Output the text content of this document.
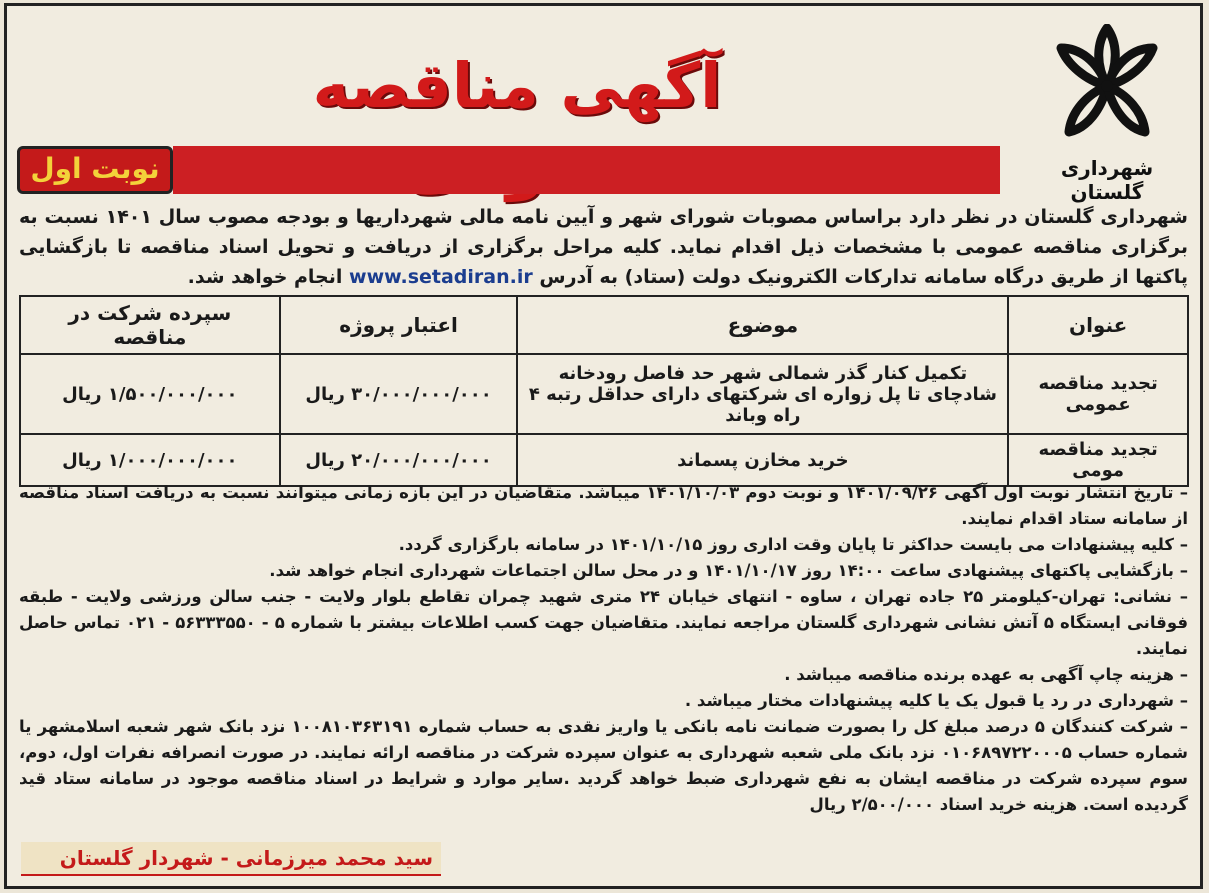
شهرداری گلستان
آگهی مناقصه
نوبت اول
شهرداری گلستان در نظر دارد براساس مصوبات شورای شهر و آیین نامه مالی شهرداریها و بودجه مصوب سال ۱۴۰۱ نسبت به برگزاری مناقصه عمومی با مشخصات ذیل اقدام نماید. کلیه مراحل برگزاری از دریافت و تحویل اسناد مناقصه تا بازگشایی پاکتها از طریق درگاه سامانه تدارکات الکترونیک دولت (ستاد) به آدرس www.setadiran.ir انجام خواهد شد.
عنوان	موضوع	اعتبار پروژه	سپرده شرکت در مناقصه
تجدید مناقصه عمومی	تکمیل کنار گذر شمالی شهر حد فاصل رودخانه شادچای تا پل زواره ای شرکتهای دارای حداقل رتبه ۴ راه وباند	۳۰/۰۰۰/۰۰۰/۰۰۰ ریال	۱/۵۰۰/۰۰۰/۰۰۰ ریال
تجدید مناقصه مومی	خرید مخازن پسماند	۲۰/۰۰۰/۰۰۰/۰۰۰ ریال	۱/۰۰۰/۰۰۰/۰۰۰ ریال

– تاریخ انتشار نوبت اول آگهی ۱۴۰۱/۰۹/۲۶ و نوبت دوم ۱۴۰۱/۱۰/۰۳ میباشد. متقاضیان در این بازه زمانی میتوانند نسبت به دریافت اسناد مناقصه از سامانه ستاد اقدام نمایند.

– کلیه پیشنهادات می بایست حداکثر تا پایان وقت اداری روز ۱۴۰۱/۱۰/۱۵ در سامانه بارگزاری گردد.

– بازگشایی پاکتهای پیشنهادی ساعت ۱۴:۰۰ روز ۱۴۰۱/۱۰/۱۷ و در محل سالن اجتماعات شهرداری انجام خواهد شد.

– نشانی: تهران-کیلومتر ۲۵ جاده تهران ، ساوه - انتهای خیابان ۲۴ متری شهید چمران تقاطع بلوار ولایت - جنب سالن ورزشی ولایت - طبقه فوقانی ایستگاه ۵ آتش نشانی شهرداری گلستان مراجعه نمایند. متقاضیان جهت کسب اطلاعات بیشتر با شماره ۵ - ۵۶۳۳۳۵۵۰ - ۰۲۱ تماس حاصل نمایند.

– هزینه چاپ آگهی به عهده برنده مناقصه میباشد .

– شهرداری در رد یا قبول یک یا کلیه پیشنهادات مختار میباشد .

– شرکت کنندگان ۵ درصد مبلغ کل را بصورت ضمانت نامه بانکی یا واریز نقدی به حساب شماره ۱۰۰۸۱۰۳۶۳۱۹۱ نزد بانک شهر شعبه اسلامشهر یا شماره حساب ۰۱۰۶۸۹۷۲۲۰۰۰۵ نزد بانک ملی شعبه شهرداری به عنوان سپرده شرکت در مناقصه ارائه نمایند. در صورت انصرافه نفرات اول، دوم، سوم سپرده شرکت در مناقصه ایشان به نفع شهرداری ضبط خواهد گردید .سایر موارد و شرایط در اسناد مناقصه موجود در سامانه ستاد قید گردیده است. هزینه خرید اسناد ۲/۵۰۰/۰۰۰ ریال

سید محمد میرزمانی - شهردار گلستان
